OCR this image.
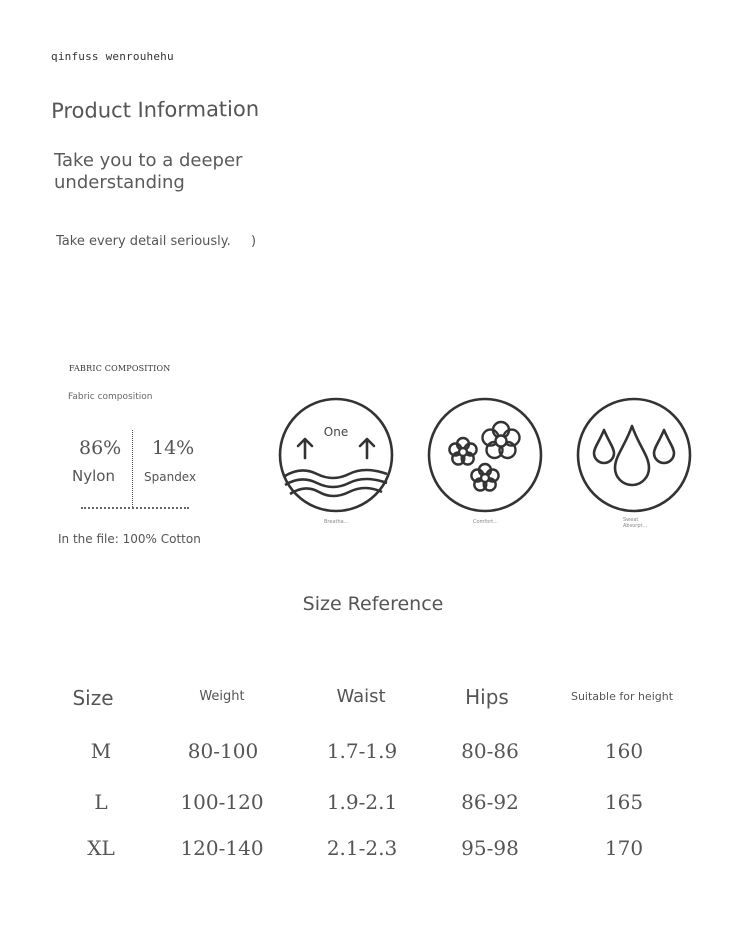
qinfuss wenrouhehu
Product Information
Take you to a deeper understanding
Take every detail seriously. )
FABRIC COMPOSITION
Fabric composition
86% 14%
Nylon Spandex
In the file: 100% Cotton
One
Breatha...	Comfort...	Sweat Absorpt...
Size Reference
Size	Weight	Waist	Hips	Suitable for height
M	80-100	1.7-1.9	80-86	160
L	100-120	1.9-2.1	86-92	165
XL	120-140	2.1-2.3	95-98	170
